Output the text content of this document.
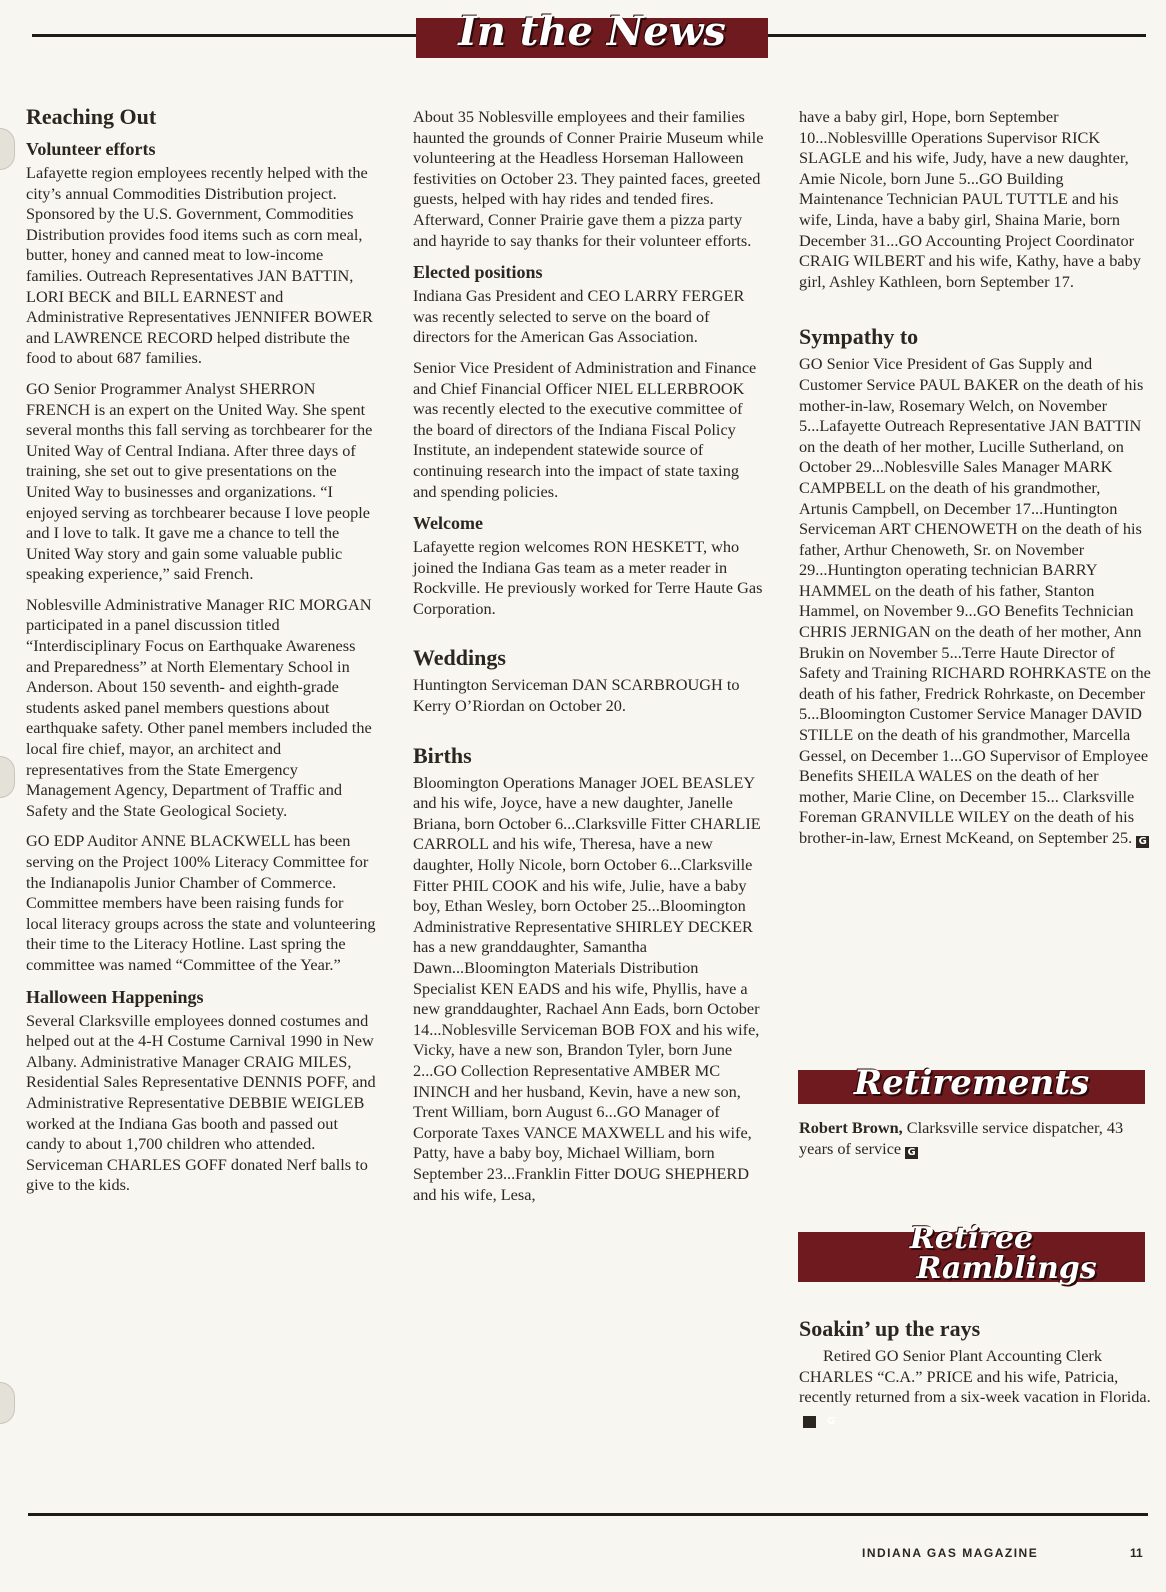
In the News
Reaching Out
Volunteer efforts

Lafayette region employees recently helped with the city’s annual Commodities Distribution project. Sponsored by the U.S. Government, Commodities Distribution provides food items such as corn meal, butter, honey and canned meat to low-income families. Outreach Representatives JAN BATTIN, LORI BECK and BILL EARNEST and Administrative Representatives JENNIFER BOWER and LAWRENCE RECORD helped distribute the food to about 687 families.

GO Senior Programmer Analyst SHERRON FRENCH is an expert on the United Way. She spent several months this fall serving as torchbearer for the United Way of Central Indiana. After three days of training, she set out to give presentations on the United Way to businesses and organizations. “I enjoyed serving as torchbearer because I love people and I love to talk. It gave me a chance to tell the United Way story and gain some valuable public speaking experience,” said French.

Noblesville Administrative Manager RIC MORGAN participated in a panel discussion titled “Interdisciplinary Focus on Earthquake Awareness and Preparedness” at North Elementary School in Anderson. About 150 seventh- and eighth-grade students asked panel members questions about earthquake safety. Other panel members included the local fire chief, mayor, an architect and representatives from the State Emergency Management Agency, Department of Traffic and Safety and the State Geological Society.

GO EDP Auditor ANNE BLACKWELL has been serving on the Project 100% Literacy Committee for the Indianapolis Junior Chamber of Commerce. Committee members have been raising funds for local literacy groups across the state and volunteering their time to the Literacy Hotline. Last spring the committee was named “Committee of the Year.”

Halloween Happenings

Several Clarksville employees donned costumes and helped out at the 4-H Costume Carnival 1990 in New Albany. Administrative Manager CRAIG MILES, Residential Sales Representative DENNIS POFF, and Administrative Representative DEBBIE WEIGLEB worked at the Indiana Gas booth and passed out candy to about 1,700 children who attended. Serviceman CHARLES GOFF donated Nerf balls to give to the kids.

About 35 Noblesville employees and their families haunted the grounds of Conner Prairie Museum while volunteering at the Headless Horseman Halloween festivities on October 23. They painted faces, greeted guests, helped with hay rides and tended fires. Afterward, Conner Prairie gave them a pizza party and hayride to say thanks for their volunteer efforts.

Elected positions

Indiana Gas President and CEO LARRY FERGER was recently selected to serve on the board of directors for the American Gas Association.

Senior Vice President of Administration and Finance and Chief Financial Officer NIEL ELLERBROOK was recently elected to the executive committee of the board of directors of the Indiana Fiscal Policy Institute, an independent statewide source of continuing research into the impact of state taxing and spending policies.

Welcome

Lafayette region welcomes RON HESKETT, who joined the Indiana Gas team as a meter reader in Rockville. He previously worked for Terre Haute Gas Corporation.

Weddings

Huntington Serviceman DAN SCARBROUGH to Kerry O’Riordan on October 20.

Births

Bloomington Operations Manager JOEL BEASLEY and his wife, Joyce, have a new daughter, Janelle Briana, born October 6...Clarksville Fitter CHARLIE CARROLL and his wife, Theresa, have a new daughter, Holly Nicole, born October 6...Clarksville Fitter PHIL COOK and his wife, Julie, have a baby boy, Ethan Wesley, born October 25...Bloomington Administrative Representative SHIRLEY DECKER has a new granddaughter, Samantha Dawn...Bloomington Materials Distribution Specialist KEN EADS and his wife, Phyllis, have a new granddaughter, Rachael Ann Eads, born October 14...Noblesville Serviceman BOB FOX and his wife, Vicky, have a new son, Brandon Tyler, born June 2...GO Collection Representative AMBER MC ININCH and her husband, Kevin, have a new son, Trent William, born August 6...GO Manager of Corporate Taxes VANCE MAXWELL and his wife, Patty, have a baby boy, Michael William, born September 23...Franklin Fitter DOUG SHEPHERD and his wife, Lesa,

have a baby girl, Hope, born September 10...Noblesvillle Operations Supervisor RICK SLAGLE and his wife, Judy, have a new daughter, Amie Nicole, born June 5...GO Building Maintenance Technician PAUL TUTTLE and his wife, Linda, have a baby girl, Shaina Marie, born December 31...GO Accounting Project Coordinator CRAIG WILBERT and his wife, Kathy, have a baby girl, Ashley Kathleen, born September 17.

Sympathy to

GO Senior Vice President of Gas Supply and Customer Service PAUL BAKER on the death of his mother-in-law, Rosemary Welch, on November 5...Lafayette Outreach Representative JAN BATTIN on the death of her mother, Lucille Sutherland, on October 29...Noblesville Sales Manager MARK CAMPBELL on the death of his grandmother, Artunis Campbell, on December 17...Huntington Serviceman ART CHENOWETH on the death of his father, Arthur Chenoweth, Sr. on November 29...Huntington operating technician BARRY HAMMEL on the death of his father, Stanton Hammel, on November 9...GO Benefits Technician CHRIS JERNIGAN on the death of her mother, Ann Brukin on November 5...Terre Haute Director of Safety and Training RICHARD ROHRKASTE on the death of his father, Fredrick Rohrkaste, on December 5...Bloomington Customer Service Manager DAVID STILLE on the death of his grandmother, Marcella Gessel, on December 1...GO Supervisor of Employee Benefits SHEILA WALES on the death of her mother, Marie Cline, on December 15... Clarksville Foreman GRANVILLE WILEY on the death of his brother-in-law, Ernest McKeand, on September 25. G

Retirements

Robert Brown, Clarksville service dispatcher, 43 years of service G

Retiree
Ramblings
Soakin’ up the rays

Retired GO Senior Plant Accounting Clerk CHARLES “C.A.” PRICE and his wife, Patricia, recently returned from a six-week vacation in Florida.G

INDIANA GAS MAGAZINE	11
